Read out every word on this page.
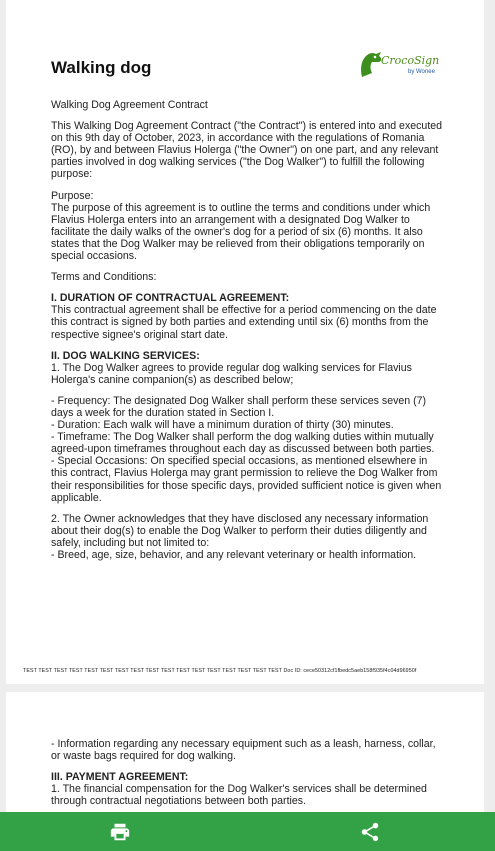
Walking dog	CrocoSign
by Wonee

Walking Dog Agreement Contract

This Walking Dog Agreement Contract ("the Contract") is entered into and executed on this 9th day of October, 2023, in accordance with the regulations of Romania (RO), by and between Flavius Holerga ("the Owner") on one part, and any relevant parties involved in dog walking services ("the Dog Walker") to fulfill the following purpose:

Purpose:

The purpose of this agreement is to outline the terms and conditions under which Flavius Holerga enters into an arrangement with a designated Dog Walker to facilitate the daily walks of the owner's dog for a period of six (6) months. It also states that the Dog Walker may be relieved from their obligations temporarily on special occasions.

Terms and Conditions:

I. DURATION OF CONTRACTUAL AGREEMENT:

This contractual agreement shall be effective for a period commencing on the date this contract is signed by both parties and extending until six (6) months from the respective signee's original start date.

II. DOG WALKING SERVICES:

1. The Dog Walker agrees to provide regular dog walking services for Flavius Holerga's canine companion(s) as described below;

- Frequency: The designated Dog Walker shall perform these services seven (7) days a week for the duration stated in Section I.
- Duration: Each walk will have a minimum duration of thirty (30) minutes.
- Timeframe: The Dog Walker shall perform the dog walking duties within mutually agreed-upon timeframes throughout each day as discussed between both parties.

- Special Occasions: On specified special occasions, as mentioned elsewhere in this contract, Flavius Holerga may grant permission to relieve the Dog Walker from their responsibilities for those specific days, provided sufficient notice is given when applicable.

2. The Owner acknowledges that they have disclosed any necessary information about their dog(s) to enable the Dog Walker to perform their duties diligently and safely, including but not limited to:
- Breed, age, size, behavior, and any relevant veterinary or health information.
TEST TEST TEST TEST TEST TEST TEST TEST TEST TEST TEST TEST TEST TEST TEST TEST TEST Doc ID: cece50312cf1fbedc5aeb158f935f4c04d96950f

- Information regarding any necessary equipment such as a leash, harness, collar, or waste bags required for dog walking.

III. PAYMENT AGREEMENT:
1. The financial compensation for the Dog Walker's services shall be determined through contractual negotiations between both parties.
